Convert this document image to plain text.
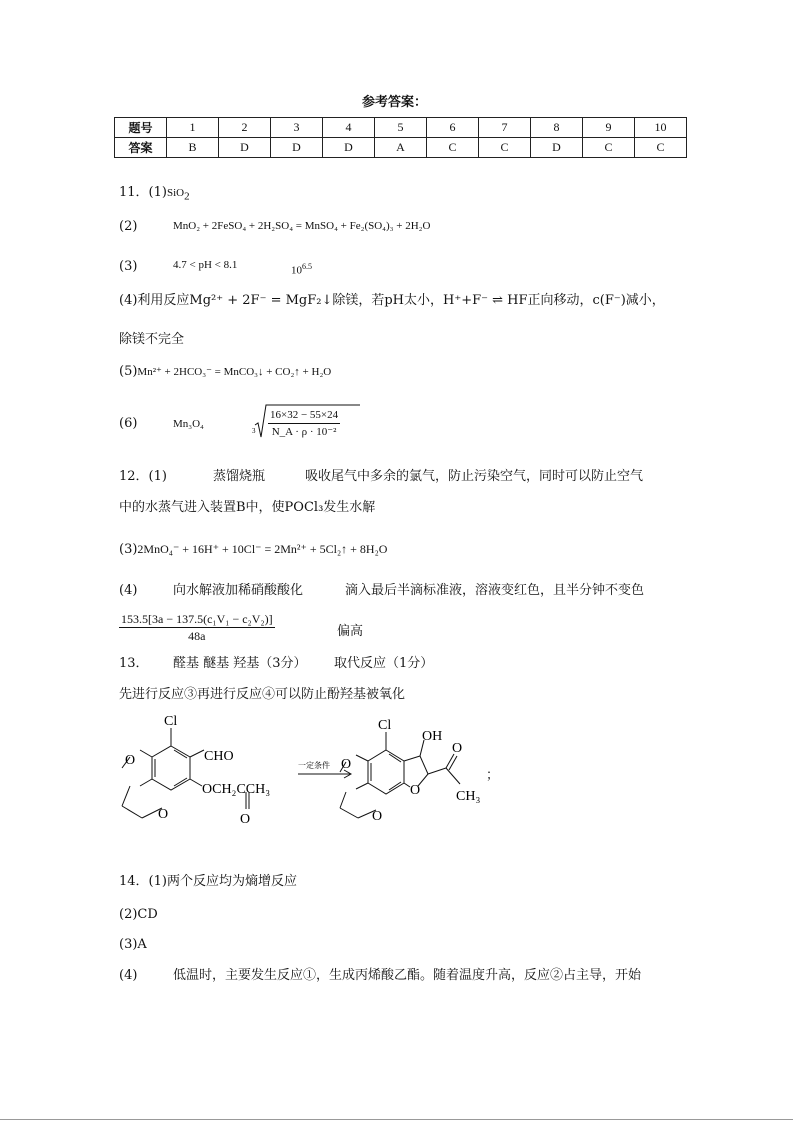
参考答案：
题号	1	2	3	4	5	6	7	8	9	10
答案	B	D	D	D	A	C	C	D	C	C
11．(1)SiO$_2$
(2)	MnO₂ + 2FeSO₄ + 2H₂SO₄ = MnSO₄ + Fe₂(SO₄)₃ + 2H₂O
(3)	4.7 < pH < 8.1	$10^{6.5}$
(4)利用反应Mg²⁺ + 2F⁻ = MgF₂↓除镁，若pH太小，H⁺+F⁻ ⇌ HF正向移动，c(F⁻)减小，
除镁不完全
(5)Mn²⁺ + 2HCO₃⁻ = MnCO₃↓ + CO₂↑ + H₂O
(6)	Mn₃O₄
$3 \frac{16\times 32 - 55\times 24}{\text{N\_A · ρ · 10⁻²}}$
12．(1)	蒸馏烧瓶	吸收尾气中多余的氯气，防止污染空气，同时可以防止空气
中的水蒸气进入装置B中，使POCl₃发生水解
(3)2MnO₄⁻ + 16H⁺ + 10Cl⁻ = 2Mn²⁺ + 5Cl₂↑ + 8H₂O
(4)	向水解液加稀硝酸酸化	滴入最后半滴标准液，溶液变红色，且半分钟不变色
$\frac{\text{153.5[3a − 137.5(c₁V₁ − c₂V₂)]}}{48a}$	偏高
13． 醛基 醚基 羟基（3分） 取代反应（1分）
先进行反应③再进行反应④可以防止酚羟基被氧化
Cl
CHO
OCH₂CCH₃
O
O
O
一定条件
Cl
OH
O
CH₃
O
O
O
；
14．(1)两个反应均为熵增反应
(2)CD
(3)A
(4)	低温时，主要发生反应①，生成丙烯酸乙酯。随着温度升高，反应②占主导，开始
